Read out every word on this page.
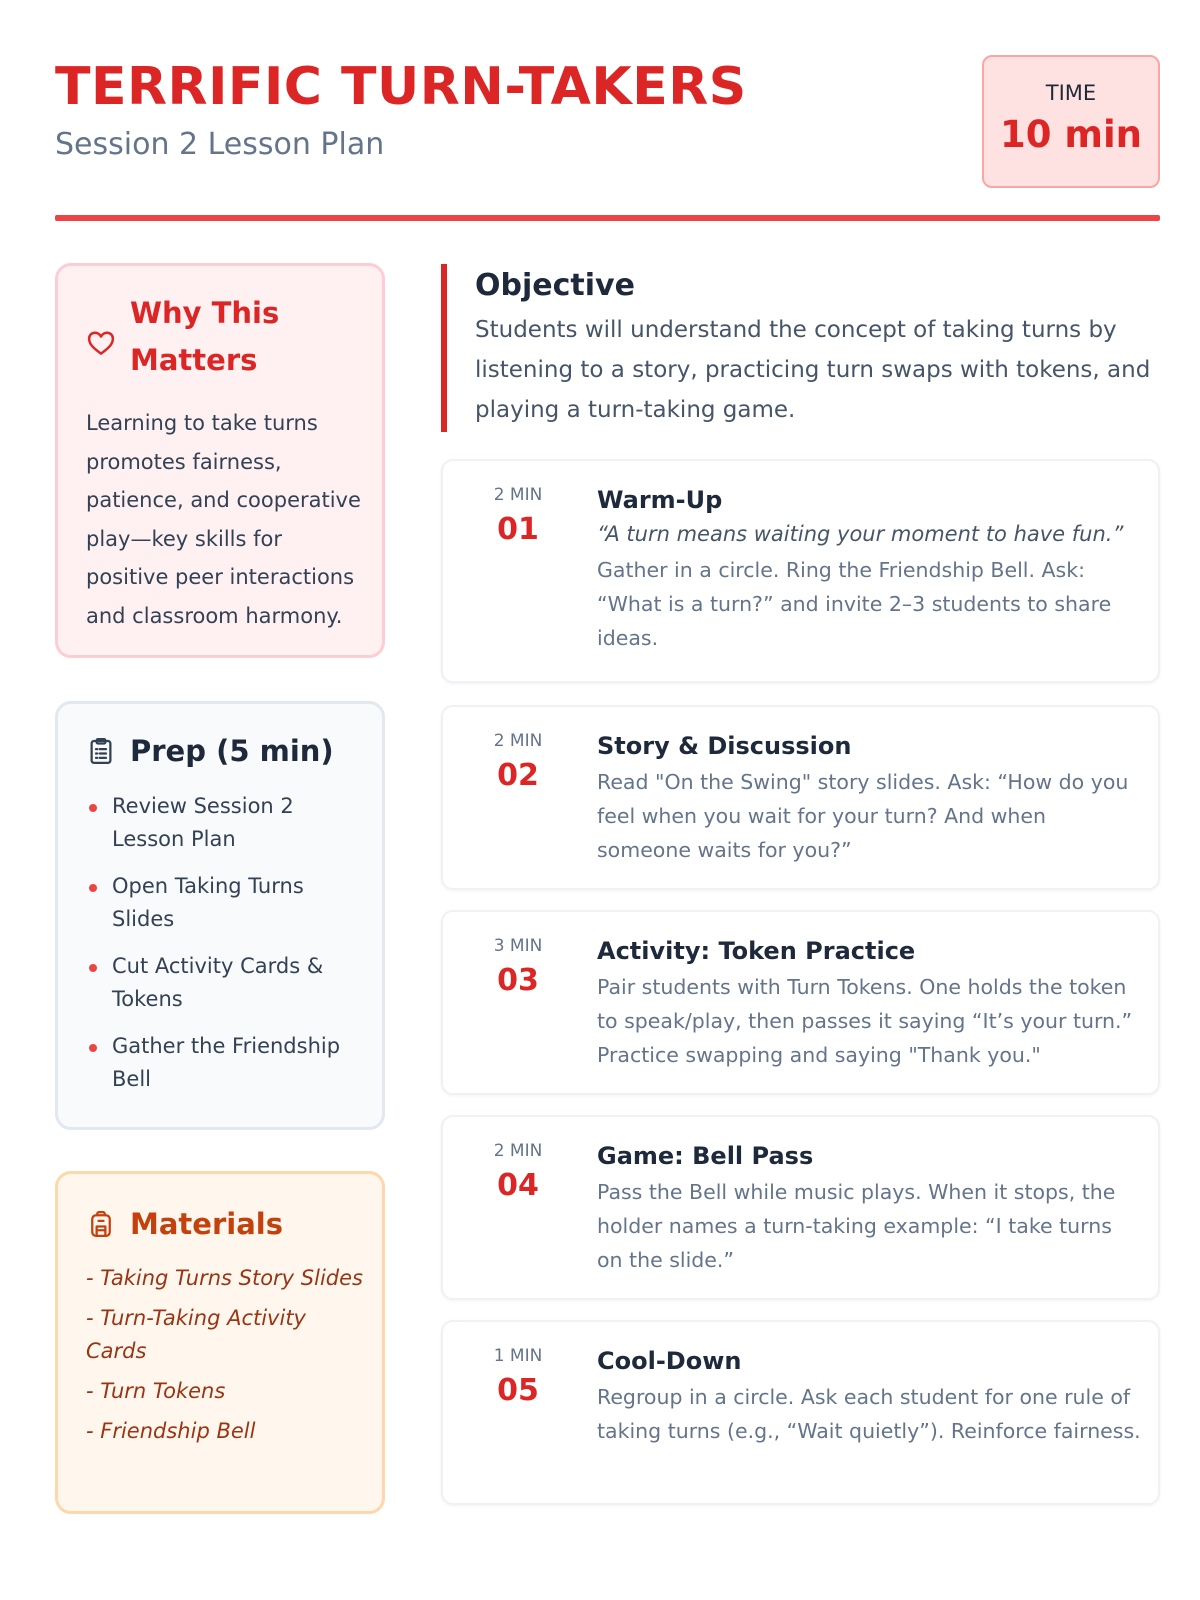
TERRIFIC TURN-TAKERS
Session 2 Lesson Plan
TIME
10 min
Why This Matters
Learning to take turns promotes fairness, patience, and cooperative play—key skills for positive peer interactions and classroom harmony.
Prep (5 min)
Review Session 2 Lesson Plan
Open Taking Turns Slides
Cut Activity Cards & Tokens
Gather the Friendship Bell
Materials
- Taking Turns Story Slides
- Turn-Taking Activity Cards
- Turn Tokens
- Friendship Bell
Objective
Students will understand the concept of taking turns by listening to a story, practicing turn swaps with tokens, and playing a turn-taking game.
2 MIN
01
Warm-Up
“A turn means waiting your moment to have fun.”
Gather in a circle. Ring the Friendship Bell. Ask: “What is a turn?” and invite 2–3 students to share ideas.
2 MIN
02
Story & Discussion
Read "On the Swing" story slides. Ask: “How do you feel when you wait for your turn? And when someone waits for you?”
3 MIN
03
Activity: Token Practice
Pair students with Turn Tokens. One holds the token to speak/play, then passes it saying “It’s your turn.” Practice swapping and saying "Thank you."
2 MIN
04
Game: Bell Pass
Pass the Bell while music plays. When it stops, the holder names a turn-taking example: “I take turns on the slide.”
1 MIN
05
Cool-Down
Regroup in a circle. Ask each student for one rule of taking turns (e.g., “Wait quietly”). Reinforce fairness.
